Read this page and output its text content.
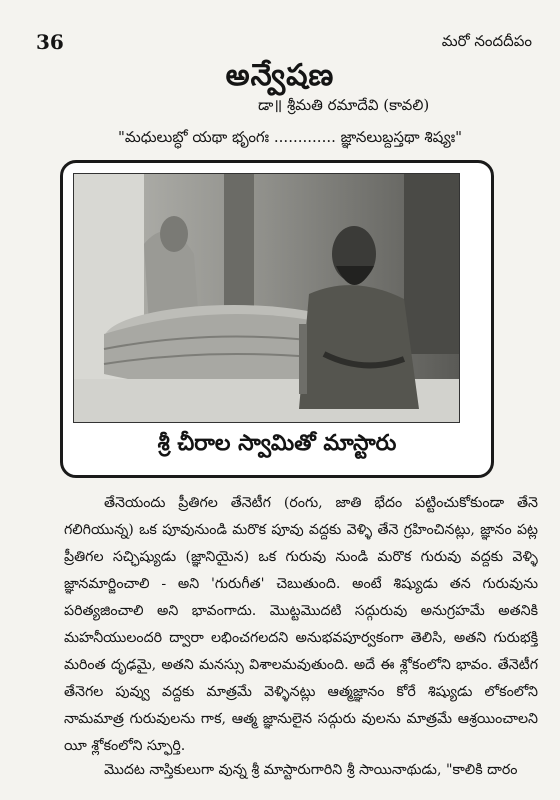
36	మరో నందదీపం
అన్వేషణ
డా॥ శ్రీమతి రమాదేవి (కావలి)
"మధులుబ్ధో యథా భృంగః ............. జ్ఞానలుబ్దస్తథా శిష్యః"
శ్రీ చీరాల స్వామితో మాస్టారు

తేనెయందు ప్రీతిగల తేనెటీగ (రంగు, జాతి భేదం పట్టించుకోకుండా తేనె గలిగియున్న) ఒక పూవునుండి మరొక పూవు వద్దకు వెళ్ళి తేనె గ్రహించినట్లు, జ్ఞానం పట్ల ప్రీతిగల సచ్ఛిష్యుడు (జ్ఞానియైన) ఒక గురువు నుండి మరొక గురువు వద్దకు వెళ్ళి జ్ఞానమార్జించాలి - అని 'గురుగీత' చెబుతుంది. అంటే శిష్యుడు తన గురువును పరిత్యజించాలి అని భావంగాదు. మొట్టమొదటి సద్గురువు అనుగ్రహమే అతనికి మహనీయులందరి ద్వారా లభించగలదని అనుభవపూర్వకంగా తెలిసి, అతని గురుభక్తి మరింత దృఢమై, అతని మనస్సు విశాలమవుతుంది. అదే ఈ శ్లోకంలోని భావం. తేనెటీగ తేనెగల పువ్వు వద్దకు మాత్రమే వెళ్ళినట్లు ఆత్మజ్ఞానం కోరే శిష్యుడు లోకంలోని నామమాత్ర గురువులను గాక, ఆత్మ జ్ఞానులైన సద్గురు వులను మాత్రమే ఆశ్రయించాలని యీ శ్లోకంలోని స్ఫూర్తి.

మొదట నాస్తికులుగా వున్న శ్రీ మాస్టారుగారిని శ్రీ సాయినాథుడు, "కాలికి దారం
